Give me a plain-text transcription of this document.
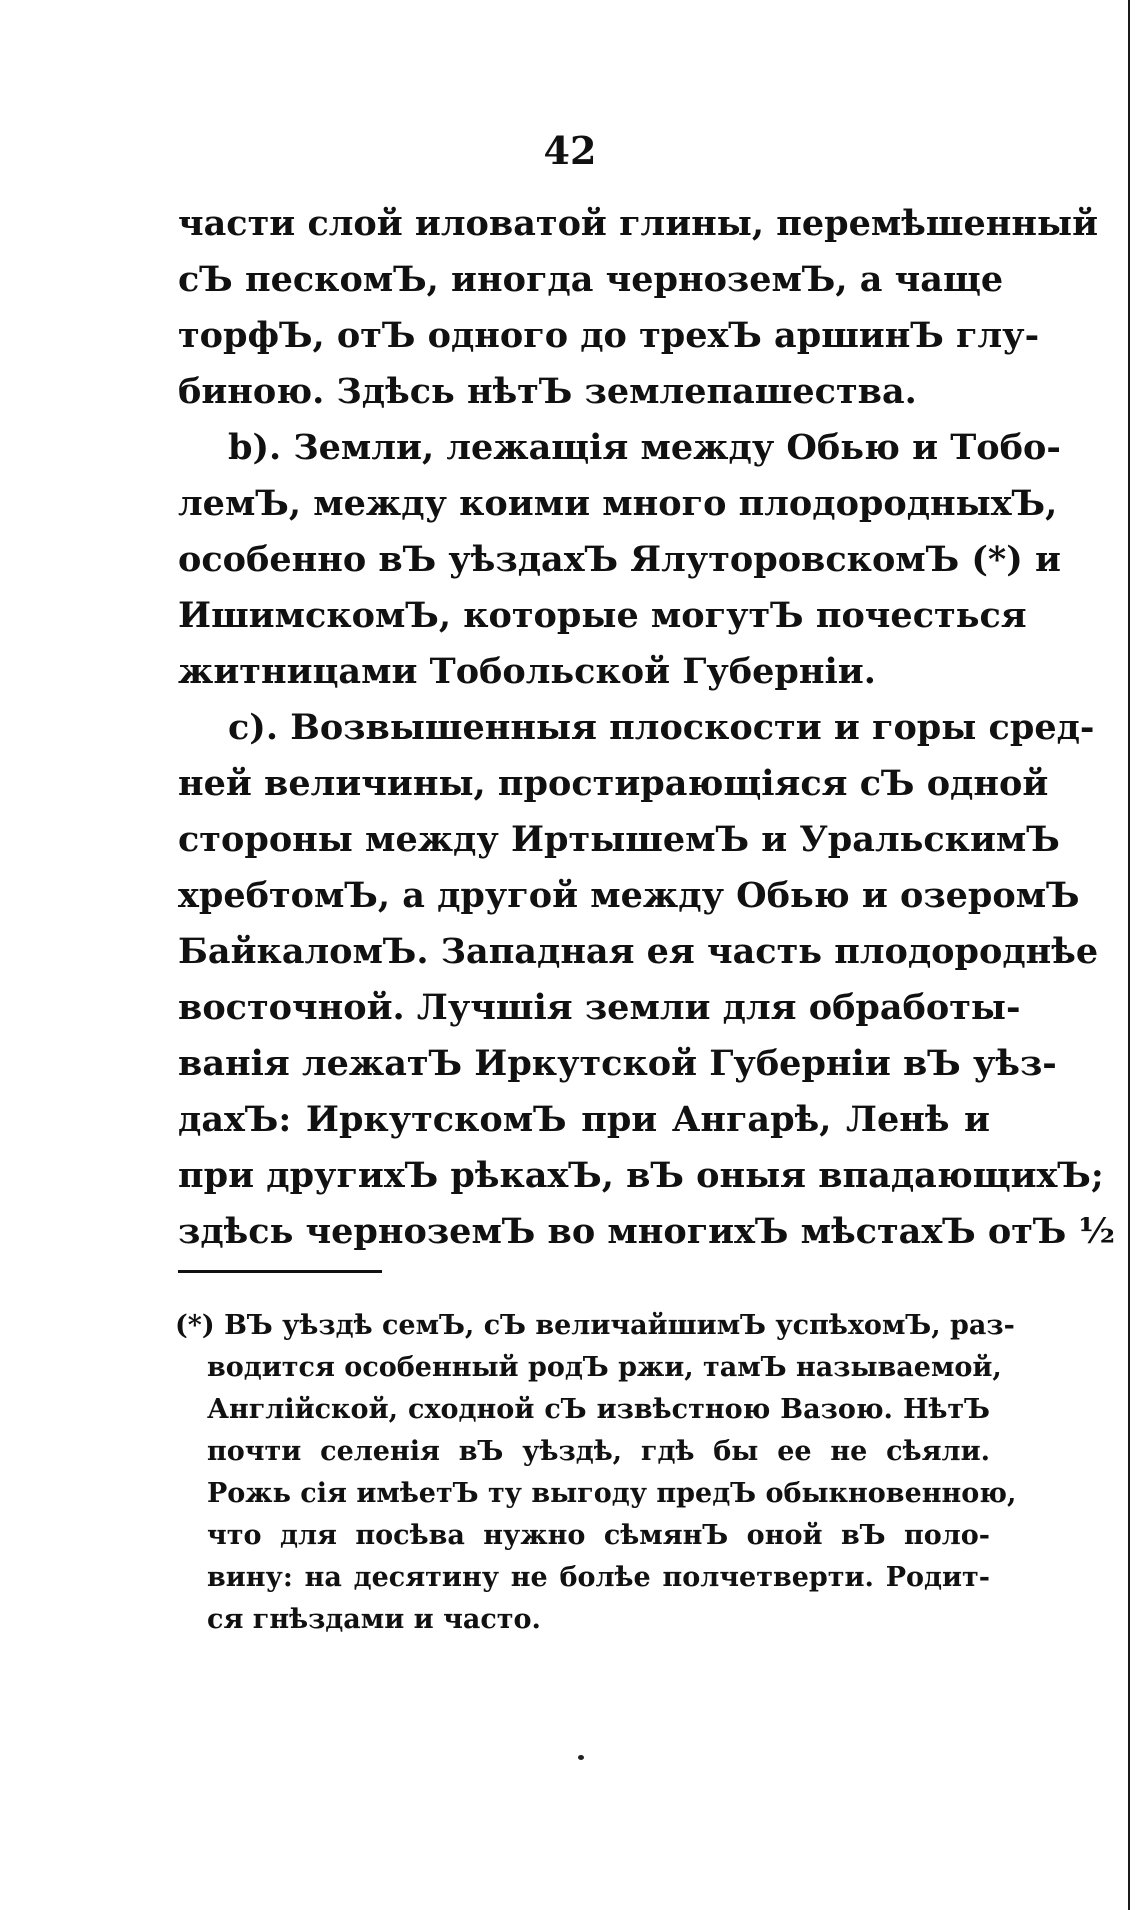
42
части слой иловатой глины, перемѣшенный
сЪ пескомЪ, иногда черноземЪ, а чаще
торфЪ, отЪ одного до трехЪ аршинЪ глу-
биною. Здѣсь нѣтЪ землепашества.
b). Земли, лежащія между Обью и Тобо-
лемЪ, между коими много плодородныхЪ,
особенно вЪ уѣздахЪ ЯлуторовскомЪ (*) и
ИшимскомЪ, которые могутЪ почесться
житницами Тобольской Губерніи.
c). Возвышенныя плоскости и горы сред-
ней величины, простирающіяся сЪ одной
стороны между ИртышемЪ и УральскимЪ
хребтомЪ, а другой между Обью и озеромЪ
БайкаломЪ. Западная ея часть плодороднѣе
восточной. Лучшія земли для обработы-
ванія лежатЪ Иркутской Губерніи вЪ уѣз-
дахЪ: ИркутскомЪ при Ангарѣ, Ленѣ и
при другихЪ рѣкахЪ, вЪ оныя впадающихЪ;
здѣсь черноземЪ во многихЪ мѣстахЪ отЪ ½
(*) ВЪ уѣздѣ семЪ, сЪ величайшимЪ успѣхомЪ, раз-
водится особенный родЪ ржи, тамЪ называемой,
Англійской, сходной сЪ извѣстною Вазою. НѣтЪ
почти селенія вЪ уѣздѣ, гдѣ бы ее не сѣяли.
Рожь сія имѣетЪ ту выгоду предЪ обыкновенною,
что для посѣва нужно сѣмянЪ оной вЪ поло-
вину: на десятину не болѣе полчетверти. Родит-
ся гнѣздами и часто.
